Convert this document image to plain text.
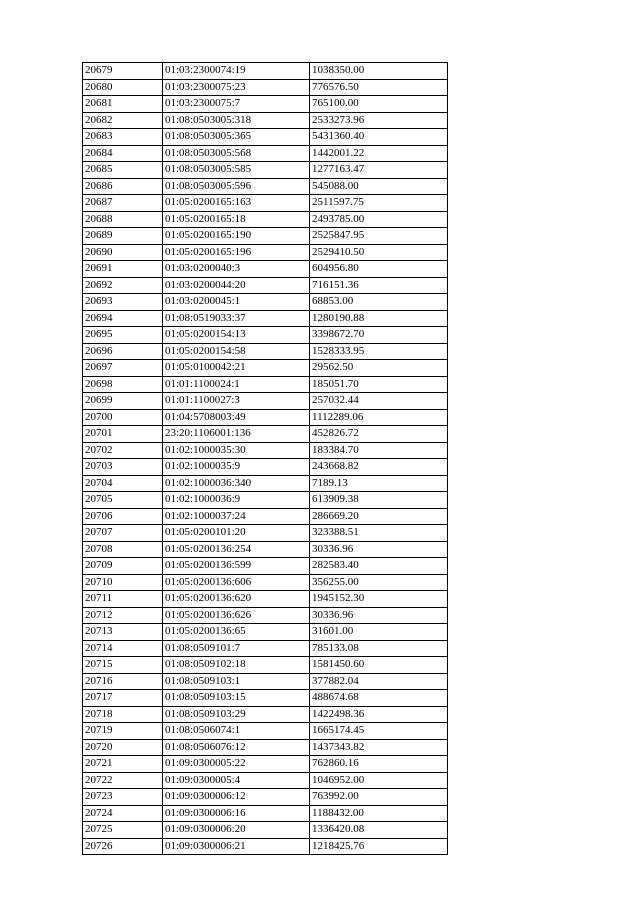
20679	01:03:2300074:19	1038350.00
20680	01:03:2300075:23	776576.50
20681	01:03:2300075:7	765100.00
20682	01:08:0503005:318	2533273.96
20683	01:08:0503005:365	5431360.40
20684	01:08:0503005:568	1442001.22
20685	01:08:0503005:585	1277163.47
20686	01:08:0503005:596	545088.00
20687	01:05:0200165:163	2511597.75
20688	01:05:0200165:18	2493785.00
20689	01:05:0200165:190	2525847.95
20690	01:05:0200165:196	2529410.50
20691	01:03:0200040:3	604956.80
20692	01:03:0200044:20	716151.36
20693	01:03:0200045:1	68853.00
20694	01:08:0519033:37	1280190.88
20695	01:05:0200154:13	3398672.70
20696	01:05:0200154:58	1528333.95
20697	01:05:0100042:21	29562.50
20698	01:01:1100024:1	185051.70
20699	01:01:1100027:3	257032.44
20700	01:04:5708003:49	1112289.06
20701	23:20:1106001:136	452826.72
20702	01:02:1000035:30	183384.70
20703	01:02:1000035:9	243668.82
20704	01:02:1000036:340	7189.13
20705	01:02:1000036:9	613909.38
20706	01:02:1000037:24	286669.20
20707	01:05:0200101:20	323388.51
20708	01:05:0200136:254	30336.96
20709	01:05:0200136:599	282583.40
20710	01:05:0200136:606	356255.00
20711	01:05:0200136:620	1945152.30
20712	01:05:0200136:626	30336.96
20713	01:05:0200136:65	31601.00
20714	01:08:0509101:7	785133.08
20715	01:08:0509102:18	1581450.60
20716	01:08:0509103:1	377882.04
20717	01:08:0509103:15	488674.68
20718	01:08:0509103:29	1422498.36
20719	01:08:0506074:1	1665174.45
20720	01:08:0506076:12	1437343.82
20721	01:09:0300005:22	762860.16
20722	01:09:0300005:4	1046952.00
20723	01:09:0300006:12	763992.00
20724	01:09:0300006:16	1188432.00
20725	01:09:0300006:20	1336420.08
20726	01:09:0300006:21	1218425.76
